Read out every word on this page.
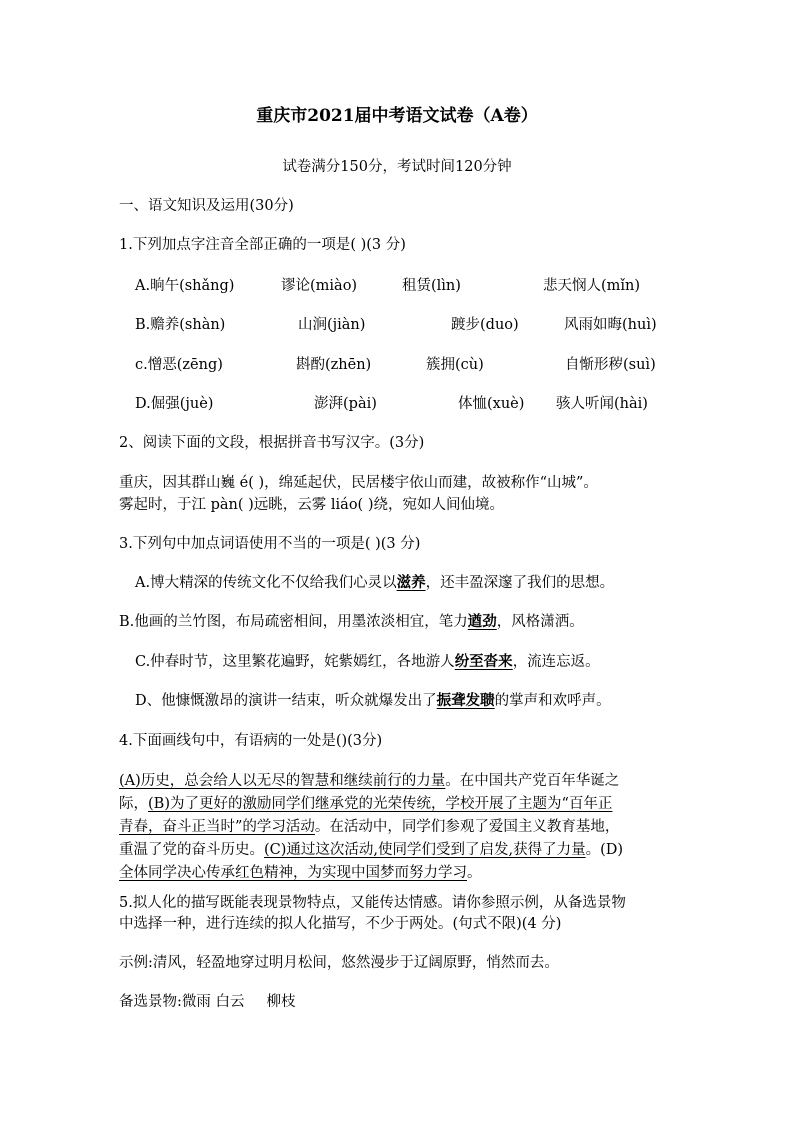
重庆市2021届中考语文试卷（A卷）
试卷满分150分，考试时间120分钟
一、语文知识及运用(30分)
1.下列加点字注音全部正确的一项是( )(3 分)
A.晌午(shǎng)	谬论(miào)	租赁(lìn)	悲天悯人(mǐn)
B.赡养(shàn)	山涧(jiàn)	踱步(duo)	风雨如晦(huì)
c.憎恶(zēng)	斟酌(zhēn)	簇拥(cù)	自惭形秽(suì)
D.倔强(juè)	澎湃(pài)	体恤(xuè) 骇人听闻(hài)
2、阅读下面的文段，根据拼音书写汉字。(3分)
重庆，因其群山巍 é( )，绵延起伏，民居楼宇依山而建，故被称作“山城”。
雾起时，于江 pàn( )远眺，云雾 liáo( )绕，宛如人间仙境。
3.下列句中加点词语使用不当的一项是( )(3 分)
A.博大精深的传统文化不仅给我们心灵以滋养，还丰盈深邃了我们的思想。
B.他画的兰竹图，布局疏密相间，用墨浓淡相宜，笔力遒劲，风格潇洒。
C.仲春时节，这里繁花遍野，姹紫嫣红，各地游人纷至沓来，流连忘返。
D、他慷慨激昂的演讲一结束，听众就爆发出了振聋发聩的掌声和欢呼声。
4.下面画线句中，有语病的一处是()(3分)
(A)历史，总会给人以无尽的智慧和继续前行的力量。在中国共产党百年华诞之
际，(B)为了更好的激励同学们继承党的光荣传统，学校开展了主题为“百年正
青春，奋斗正当时”的学习活动。在活动中，同学们参观了爱国主义教育基地，
重温了党的奋斗历史。(C)通过这次活动,使同学们受到了启发,获得了力量。(D)
全体同学决心传承红色精神，为实现中国梦而努力学习。
5.拟人化的描写既能表现景物特点，又能传达情感。请你参照示例，从备选景物
中选择一种，进行连续的拟人化描写，不少于两处。(句式不限)(4 分)
示例:清风，轻盈地穿过明月松间，悠然漫步于辽阔原野，悄然而去。
备选景物:微雨 白云 柳枝
